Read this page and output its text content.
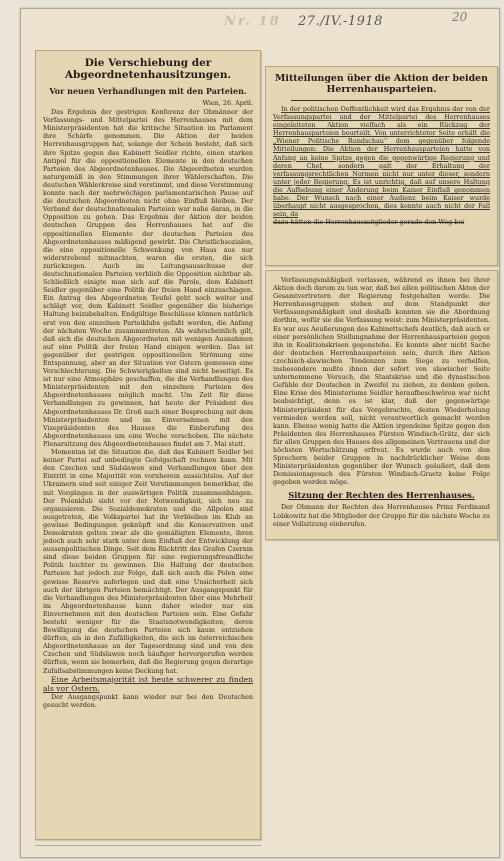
Nr. 18 27./IV.-1918	20
Die Verschiebung der Abgeordnetenhausitzungen.
Vor neuen Verhandlungen mit den Parteien.
Wien, 26. April.

Das Ergebnis der gestrigen Konferenz der Obmänner der Verfassungs- und Mittelpartei des Herrenhauses mit dem Ministerpräsidenten hat die kritische Situation im Parlament ihre Schärfe genommen. Die Aktion der beiden Herrenhausgruppen hat, solange der Schein besteht, daß sich ihre Spitze gegen das Kabinett Seidler richte, einen starken Antipol für die oppositionellen Elemente in den deutschen Parteien des Abgeordnetenhauses. Die Abgeordneten wurden naturgemäß in den Stimmungen ihrer Wählerschaften. Die deutschen Wählerkreise sind verstimmt, und diese Verstimmung konnte nach der mehrwöchigen parlamentarischen Pause auf die deutschen Abgeordneten nicht ohne Einfluß bleiben. Der Verband der deutschnationalen Parteien war nahe daran, in die Opposition zu gehen. Das Ergebnis der Aktion der beiden deutschen Gruppen des Herrenhauses hat auf die oppositionellen Elemente der deutschen Parteien des Abgeordnetenhauses mäßigend gewirkt. Die Christlichsozialen, die eine oppositionelle Schwenkung von Haus aus nur widerstrebend mitmachten, waren die ersten, die sich zurückzogen. Auch im Leitungsausschusse der deutschnationalen Parteien verblieb die Opposition sichtbar ab. Schließlich einigte man sich auf die Parole, dem Kabinett Seidler gegenüber eine Politik der freien Hand einzuschlagen. Ein Antrag des Abgeordneten Teufel geht noch weiter und schlägt vor, dem Kabinett Seidler gegenüber die bisherige Haltung beizubehalten. Endgültige Beschlüsse können natürlich erst von den einzelnen Parteiklubs gefaßt werden, die Anfang der nächsten Woche zusammentreten. Als wahrscheinlich gilt, daß sich die deutschen Abgeordneten mit wenigen Ausnahmen auf eine Politik der freien Hand einigen werden. Das ist gegenüber der gestrigen oppositionellen Strömung eine Entspannung, aber an der Situation vor Ostern gemessen eine Verschlechterung. Die Schwierigkeiten sind nicht beseitigt. Es ist nur eine Atmosphäre geschaffen, die die Verhandlungen des Ministerpräsidenten mit den einzelnen Parteien des Abgeordnetenhauses möglich macht. Um Zeit für diese Verhandlungen zu gewinnen, hat heute der Präsident des Abgeordnetenhauses Dr. Groß nach einer Besprechung mit dem Ministerpräsidenten und im Einvernehmen mit den Vizepräsidenten des Hauses die Einberufung des Abgeordnetenhauses um eine Woche verschoben. Die nächste Plenarsitzung des Abgeordnetenhauses findet am 7. Mai statt.

Momentan ist die Situation die, daß das Kabinett Seidler bei keiner Partei auf unbedingte Gefolgschaft rechnen kann. Mit den Czechen und Südslawen sind Verhandlungen über den Eintritt in eine Majorität von vornherein aussichtslos. Auf der Ukrainern sind seit einiger Zeit Verstimmungen bemerkbar, die mit Vorgängen in der auswärtigen Politik zusammenhängen. Der Polenklub sieht vor der Notwendigkeit, sich neu zu organisieren. Die Sozialdemokraten und die Allpolen sind ausgetreten, die Volkspartei hat ihr Verbleiben im Klub an gewisse Bedingungen geknüpft und die Konservativen und Demokraten gelten zwar als die gemäßigten Elemente, ihren jedoch auch sehr stark unter dem Einfluß der Entwicklung der aussenpolitischen Dinge. Seit dem Rücktritt des Grafen Czernin sind diese beiden Gruppen für eine regierungsfreundliche Politik leichter zu gewinnen. Die Haltung der deutschen Parteien hat jedoch zur Folge, daß sich auch die Polen eine gewisse Reserve auferlegen und daß eine Unsicherheit sich auch der übrigen Parteien bemächtigt. Der Ausgangspunkt für die Verhandlungen des Ministerpräsidenten über eine Mehrheit im Abgeordnetenhause kann daher wieder nur ein Einvernehmen mit den deutschen Parteien sein. Eine Gefahr besteht weniger für die Staatsnotwendigkeiten, deren Bewilligung die deutschen Parteien sich kaum entziehen dürften, als in den Zufälligkeiten, die sich im österreichischen Abgeordnetenhause an der Tagesordnung sind und von den Czechen und Südslawen noch häufiger hervorgerufen werden dürften, wenn sie bemerken, daß die Regierung gegen derartige Zufallsabstimmungen keine Deckung hat.

Eine Arbeitsmajorität ist heute schwerer zu finden als vor Ostern.

Der Ausgangspunkt kann wieder nur bei den Deutschen gesucht werden.

Mitteilungen über die Aktion der beiden Herrenhausparteien.

In der politischen Oeffentlichkeit wird das Ergebnis der von der Verfassungspartei und der Mittelpartei des Herrenhauses eingeleiteten Aktion vielfach als ein Rückzug der Herrenhausparteien beurteilt. Von unterrichteter Seite erhält die „Wiener Politische Rundschau“ dem gegenüber folgende Mitteilungen: Die Aktion der Herrenhausparteien hatte von Anfang an keine Spitze gegen die gegenwärtige Regierung und deren Chef, sondern galt der Erhaltung der verfassungsrechtlichen Normen nicht nur unter dieser, sondern unter jeder Regierung. Es ist unrichtig, daß auf unsere Haltung die Aufhebung einer Änderung beim Kaiser Einfluß genommen habe. Der Wunsch nach einer Audienz beim Kaiser wurde überhaupt nicht ausgesprochen, dies konnte auch nicht der Fall sein, da

dazu hätten die Herrenhausmitglieder gerade den Weg bei

Verfassungsmäßigkeit verlassen, während es ihnen bei ihrer Aktion doch darum zu tun war, daß bei allen politischen Akten der Gesamtvertretern der Regierung festgehalten werde. Die Herrenhausgruppen stehen auf dem Standpunkt der Verfassungsmäßigkeit und deshalb konnten sie die Abordnung dorthin, wofür sie die Verfassung weist: zum Ministerpräsidenten. Es war aus Aeußerungen des Kabinettschefs deutlich, daß auch er einer persönlichen Stellungnahme der Herrenhausparteien gegen ihn in Koalitionskrisen gegenstehe. Es konnte aber nicht Sache der deutschen Herrenhausparteien sein, durch ihre Aktion czechisch-slawischen Tendenzen zum Siege zu verhelfen, insbesondere mußte ihnen der sofort von slawischer Seite unternommene Versuch, die Staatskrise und die dynastischen Gefühle der Deutschen in Zweifel zu ziehen, zu denken geben. Eine Krise des Ministeriums Seidler heraufbeschwören war nicht beabsichtigt, denn es ist klar, daß der gegenwärtige Ministerpräsident für das Vorgebrachte, desten Wiederholung vermieden werden soll, nicht verantwortlich gemacht werden kann. Ebenso wenig hatte die Aktion irgendeine Spitze gegen den Präsidenten des Herrenhauses Fürsten Windisch-Grätz, der sich für allen Gruppen des Hauses des allgemeinen Vertrauens und der höchsten Wertschätzung erfreut. Es wurde auch von den Sprechern beider Gruppen in nachdrücklicher Weise dem Ministerpräsidenten gegenüber der Wunsch geäußert, daß dem Demissionsgesuch des Fürsten Windisch-Graetz keine Folge gegeben werden möge.

Sitzung der Rechten des Herrenhauses.

Der Obmann der Rechten des Herrenhauses Prinz Ferdinand Lobkowitz hat die Mitglieder der Gruppe für die nächste Woche zu einer Vollsitzung einberufen.
